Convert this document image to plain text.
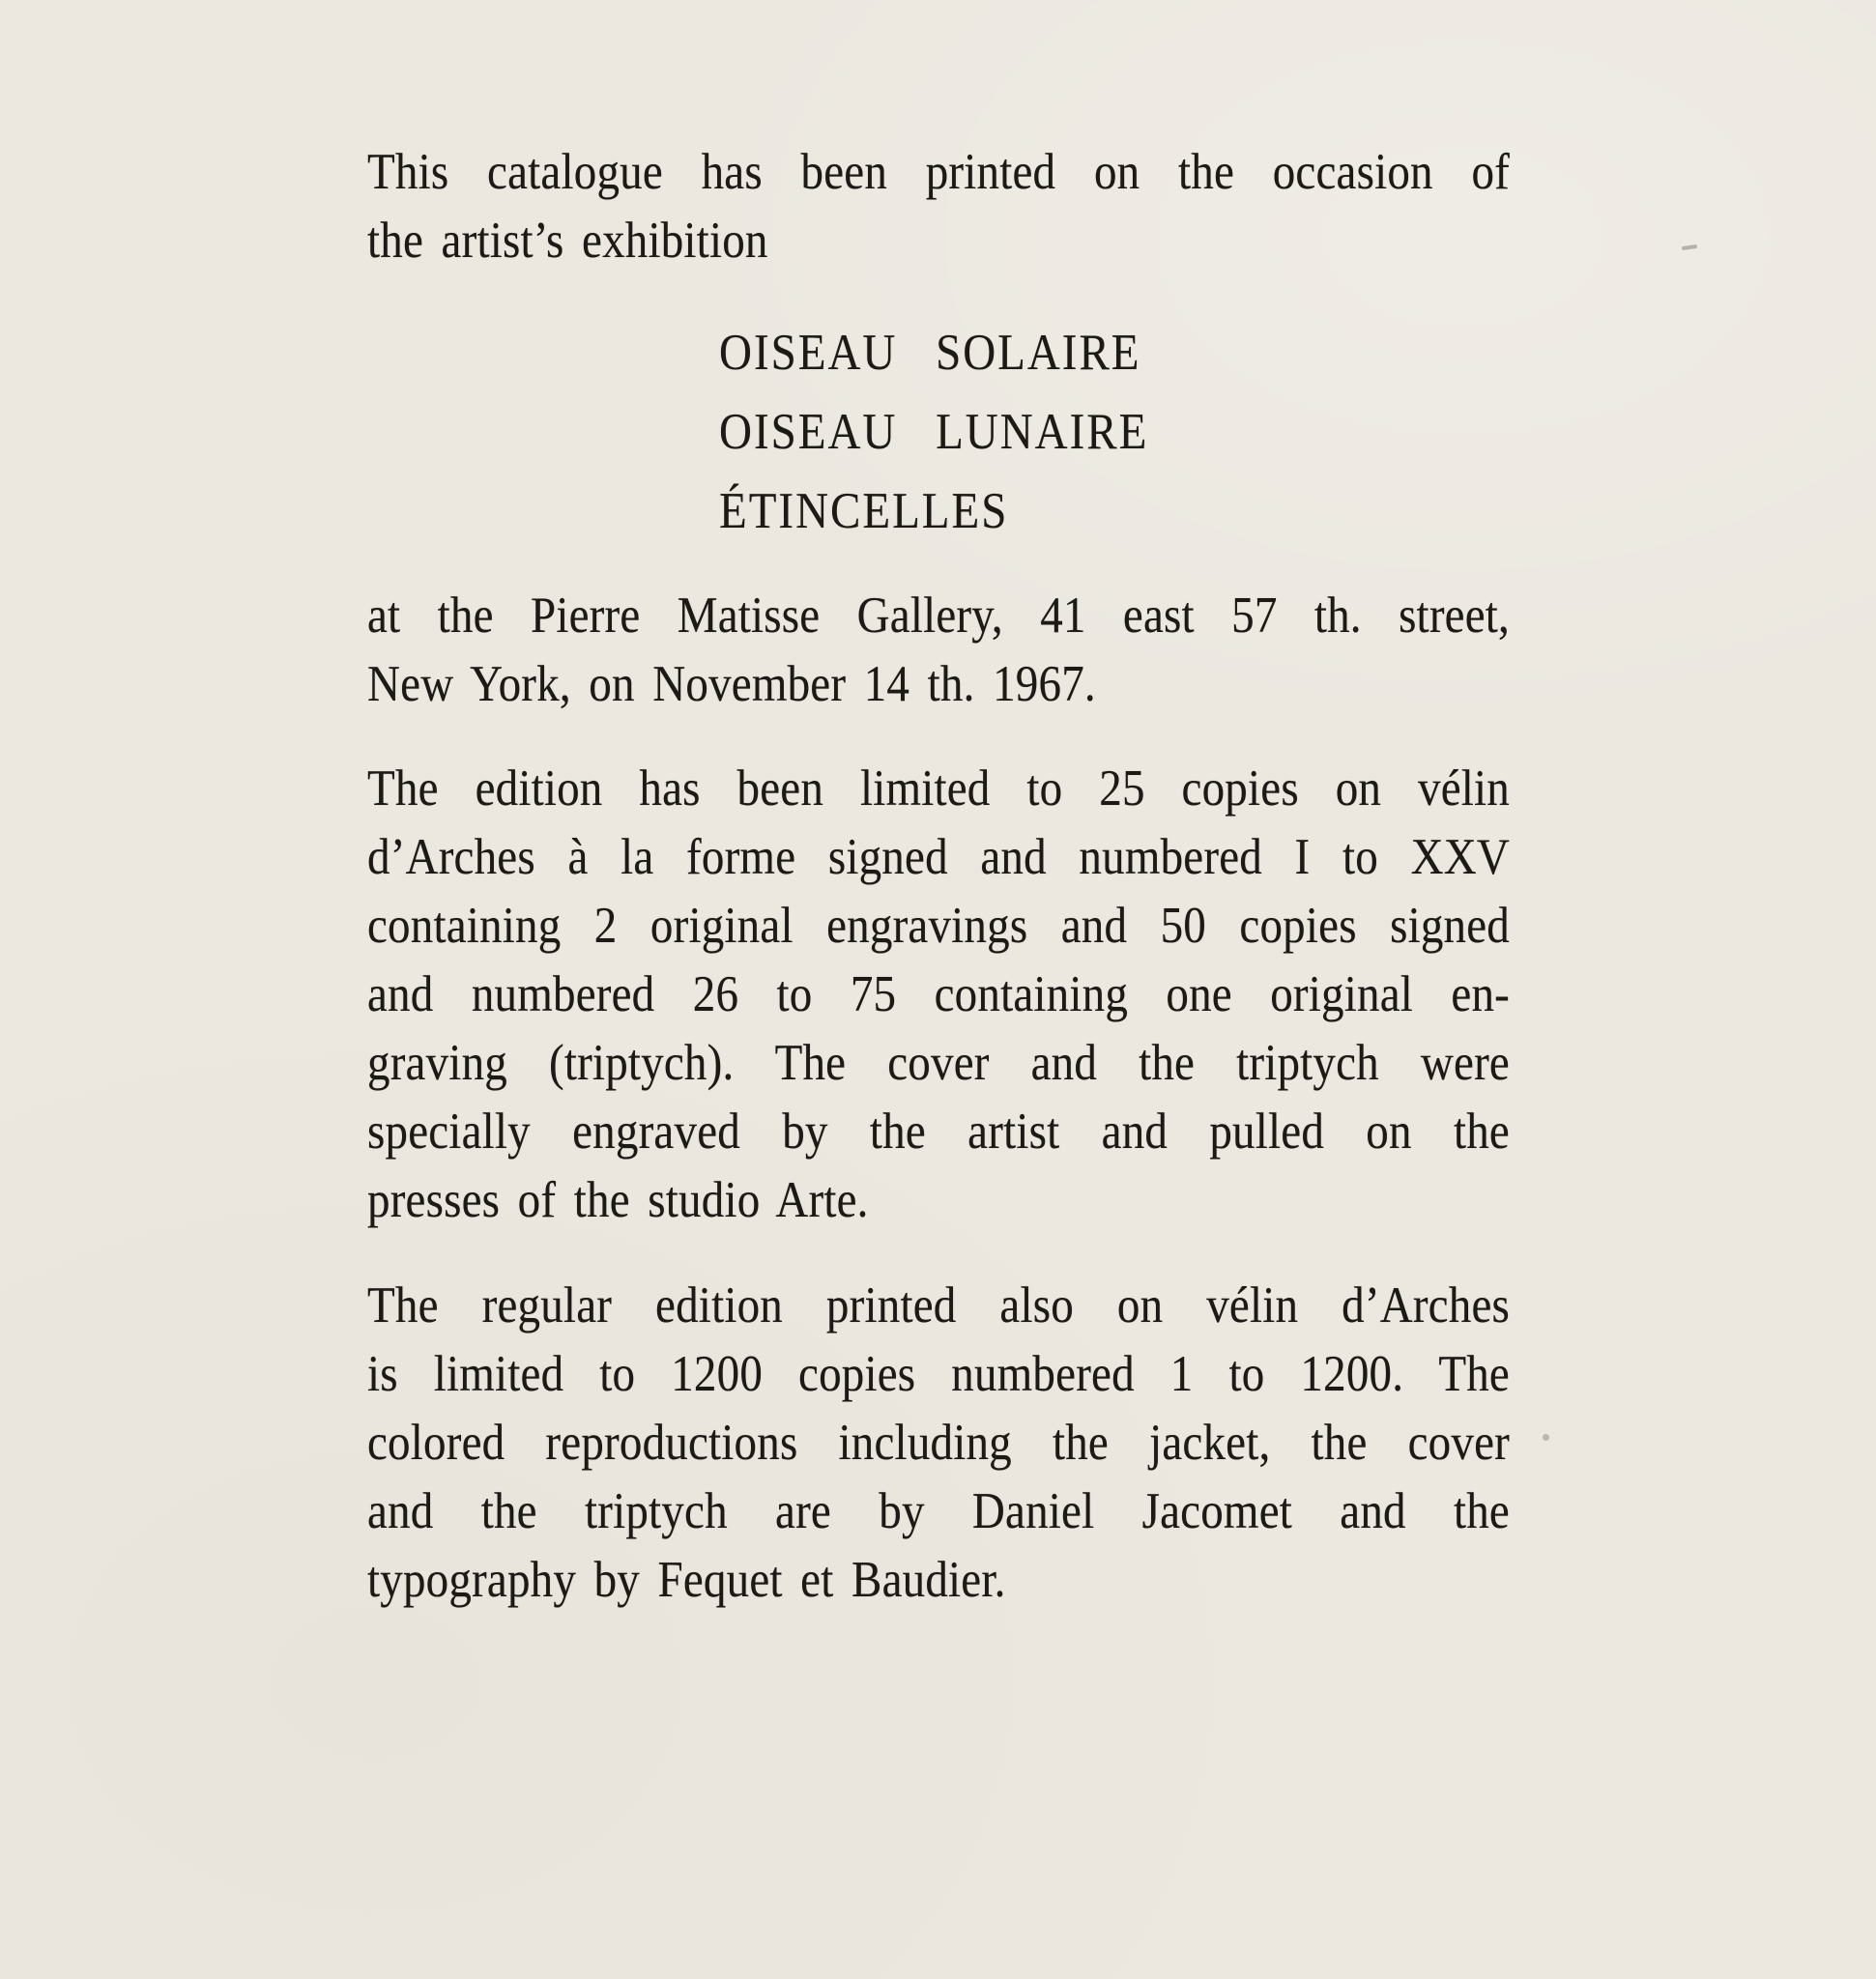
This catalogue has been printed on the occasion of
the artist’s exhibition
OISEAU SOLAIRE
OISEAU LUNAIRE
ÉTINCELLES
at the Pierre Matisse Gallery, 41 east 57 th. street,
New York, on November 14 th. 1967.
The edition has been limited to 25 copies on vélin
d’Arches à la forme signed and numbered I to XXV
containing 2 original engravings and 50 copies signed
and numbered 26 to 75 containing one original en-
graving (triptych). The cover and the triptych were
specially engraved by the artist and pulled on the
presses of the studio Arte.
The regular edition printed also on vélin d’Arches
is limited to 1200 copies numbered 1 to 1200. The
colored reproductions including the jacket, the cover
and the triptych are by Daniel Jacomet and the
typography by Fequet et Baudier.
